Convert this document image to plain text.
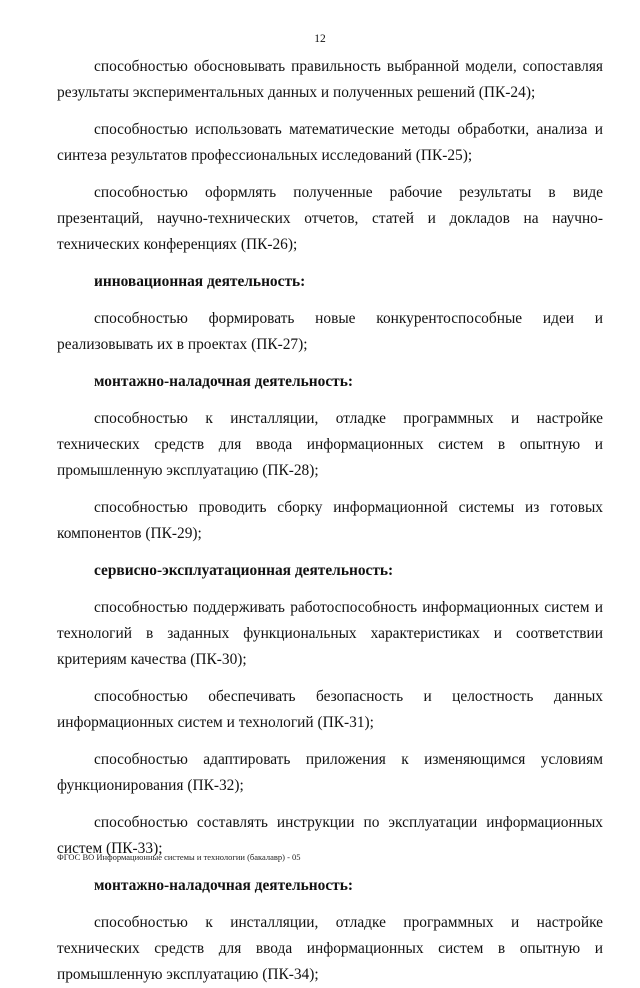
12

способностью обосновывать правильность выбранной модели, сопоставляя результаты экспериментальных данных и полученных решений (ПК-24);

способностью использовать математические методы обработки, анализа и синтеза результатов профессиональных исследований (ПК-25);

способностью оформлять полученные рабочие результаты в виде презентаций, научно-технических отчетов, статей и докладов на научно-технических конференциях (ПК-26);

инновационная деятельность:

способностью формировать новые конкурентоспособные идеи и реализовывать их в проектах (ПК-27);

монтажно-наладочная деятельность:

способностью к инсталляции, отладке программных и настройке технических средств для ввода информационных систем в опытную и промышленную эксплуатацию (ПК-28);

способностью проводить сборку информационной системы из готовых компонентов (ПК-29);

сервисно-эксплуатационная деятельность:

способностью поддерживать работоспособность информационных систем и технологий в заданных функциональных характеристиках и соответствии критериям качества (ПК-30);

способностью обеспечивать безопасность и целостность данных информационных систем и технологий (ПК-31);

способностью адаптировать приложения к изменяющимся условиям функционирования (ПК-32);

способностью составлять инструкции по эксплуатации информационных систем (ПК-33);

монтажно-наладочная деятельность:

способностью к инсталляции, отладке программных и настройке технических средств для ввода информационных систем в опытную и промышленную эксплуатацию (ПК-34);

ФГОС ВО Информационные системы и технологии (бакалавр) - 05
